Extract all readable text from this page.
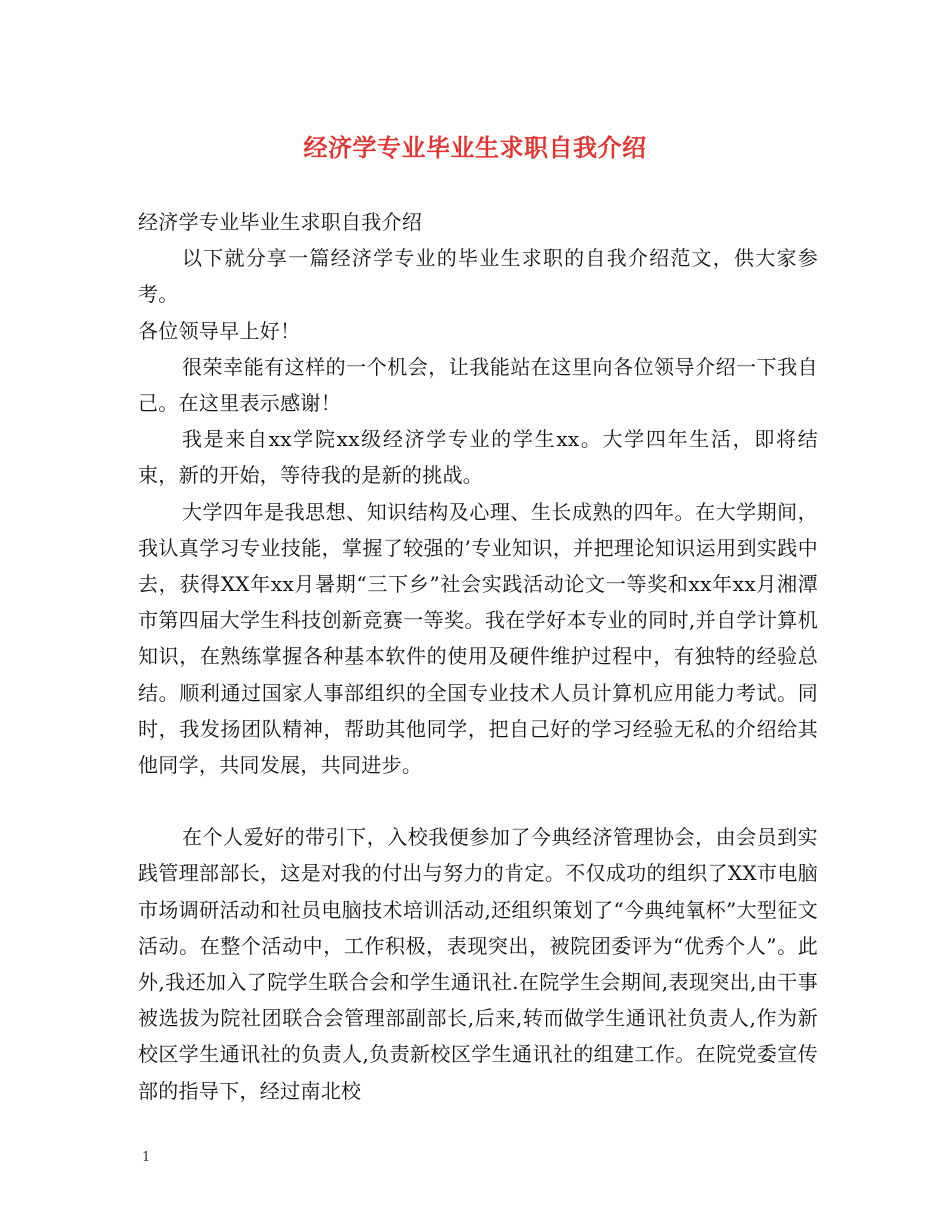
经济学专业毕业生求职自我介绍

经济学专业毕业生求职自我介绍

以下就分享一篇经济学专业的毕业生求职的自我介绍范文，供大家参考。

各位领导早上好！

很荣幸能有这样的一个机会，让我能站在这里向各位领导介绍一下我自己。在这里表示感谢！

我是来自xx学院xx级经济学专业的学生xx。大学四年生活，即将结束，新的开始，等待我的是新的挑战。

大学四年是我思想、知识结构及心理、生长成熟的四年。在大学期间，我认真学习专业技能，掌握了较强的’专业知识，并把理论知识运用到实践中去，获得XX年xx月暑期“三下乡”社会实践活动论文一等奖和xx年xx月湘潭市第四届大学生科技创新竞赛一等奖。我在学好本专业的同时,并自学计算机知识，在熟练掌握各种基本软件的使用及硬件维护过程中，有独特的经验总结。顺利通过国家人事部组织的全国专业技术人员计算机应用能力考试。同时，我发扬团队精神，帮助其他同学，把自己好的学习经验无私的介绍给其他同学，共同发展，共同进步。

在个人爱好的带引下，入校我便参加了今典经济管理协会，由会员到实践管理部部长，这是对我的付出与努力的肯定。不仅成功的组织了XX市电脑市场调研活动和社员电脑技术培训活动,还组织策划了“今典纯氧杯”大型征文活动。在整个活动中，工作积极，表现突出，被院团委评为“优秀个人”。此外,我还加入了院学生联合会和学生通讯社.在院学生会期间,表现突出,由干事被选拔为院社团联合会管理部副部长,后来,转而做学生通讯社负责人,作为新校区学生通讯社的负责人,负责新校区学生通讯社的组建工作。在院党委宣传部的指导下，经过南北校

1
